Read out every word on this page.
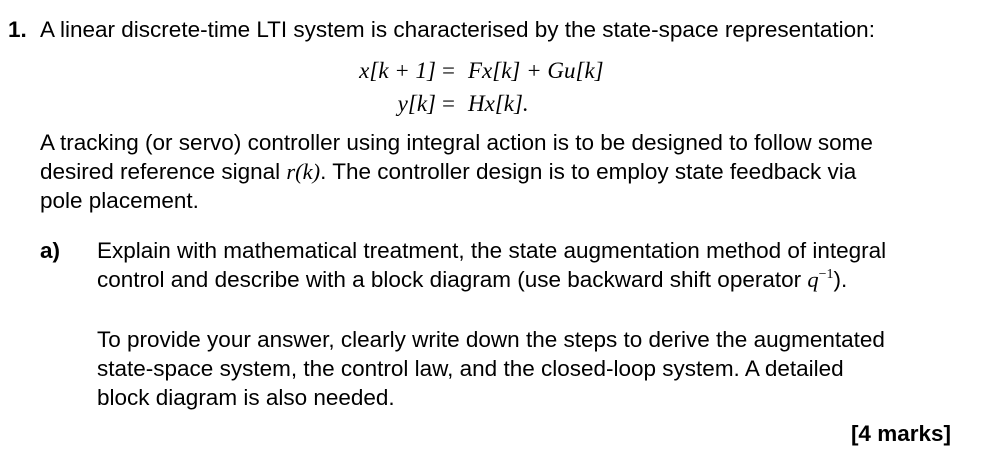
1. A linear discrete-time LTI system is characterised by the state-space representation:
x[k + 1] = Fx[k] + Gu[k]
y[k] = Hx[k].
A tracking (or servo) controller using integral action is to be designed to follow some
desired reference signal r(k). The controller design is to employ state feedback via
pole placement.
a) Explain with mathematical treatment, the state augmentation method of integral
control and describe with a block diagram (use backward shift operator $q^{-1}$).
To provide your answer, clearly write down the steps to derive the augmentated
state-space system, the control law, and the closed-loop system. A detailed
block diagram is also needed.
[4 marks]
